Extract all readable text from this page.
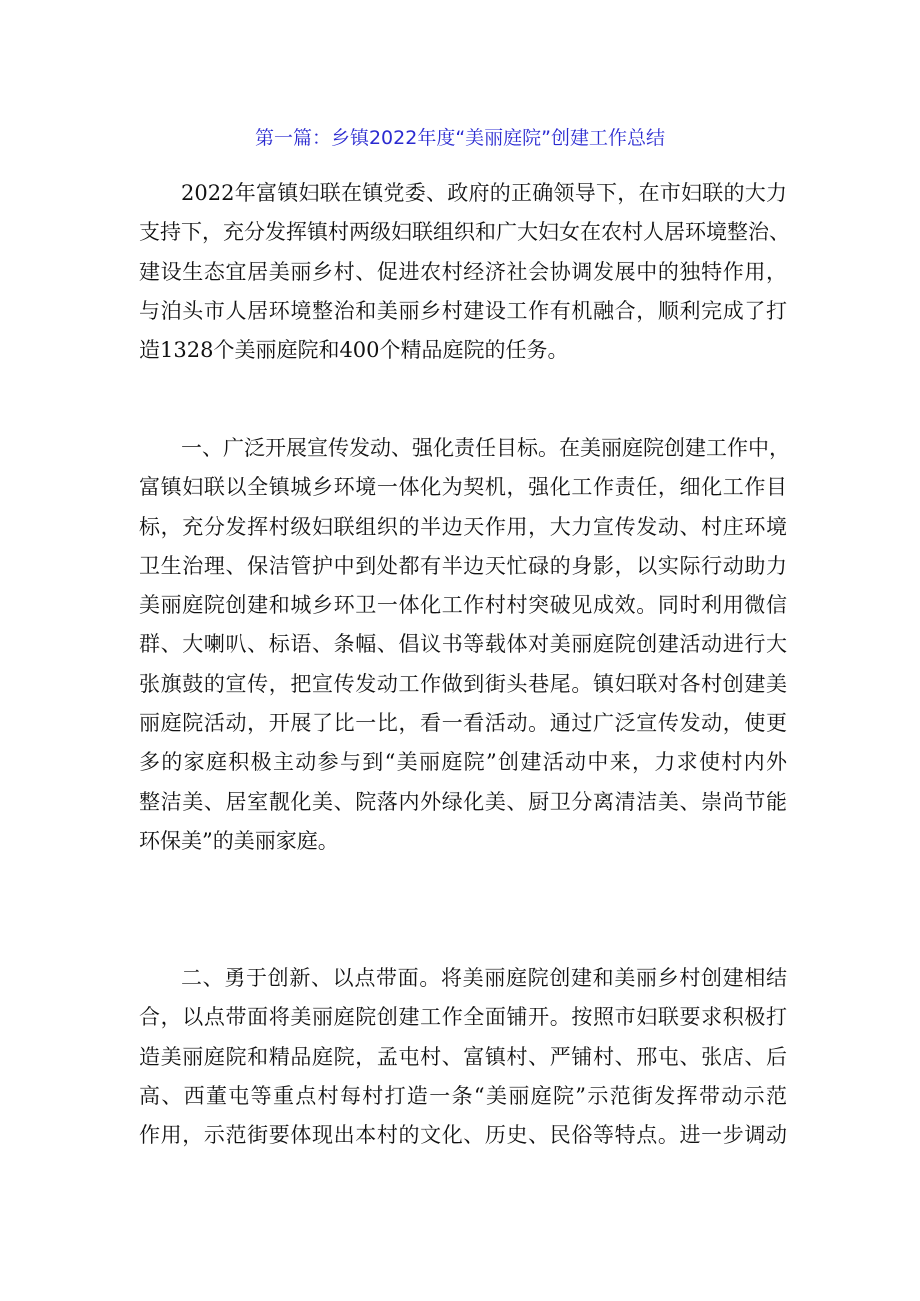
第一篇：乡镇2022年度“美丽庭院”创建工作总结
2022年富镇妇联在镇党委、政府的正确领导下，在市妇联的大力
支持下，充分发挥镇村两级妇联组织和广大妇女在农村人居环境整治、
建设生态宜居美丽乡村、促进农村经济社会协调发展中的独特作用，
与泊头市人居环境整治和美丽乡村建设工作有机融合，顺利完成了打
造1328个美丽庭院和400个精品庭院的任务。
一、广泛开展宣传发动、强化责任目标。在美丽庭院创建工作中，
富镇妇联以全镇城乡环境一体化为契机，强化工作责任，细化工作目
标，充分发挥村级妇联组织的半边天作用，大力宣传发动、村庄环境
卫生治理、保洁管护中到处都有半边天忙碌的身影，以实际行动助力
美丽庭院创建和城乡环卫一体化工作村村突破见成效。同时利用微信
群、大喇叭、标语、条幅、倡议书等载体对美丽庭院创建活动进行大
张旗鼓的宣传，把宣传发动工作做到街头巷尾。镇妇联对各村创建美
丽庭院活动，开展了比一比，看一看活动。通过广泛宣传发动，使更
多的家庭积极主动参与到“美丽庭院”创建活动中来，力求使村内外
整洁美、居室靓化美、院落内外绿化美、厨卫分离清洁美、崇尚节能
环保美”的美丽家庭。
二、勇于创新、以点带面。将美丽庭院创建和美丽乡村创建相结
合，以点带面将美丽庭院创建工作全面铺开。按照市妇联要求积极打
造美丽庭院和精品庭院，孟屯村、富镇村、严铺村、邢屯、张店、后
高、西董屯等重点村每村打造一条“美丽庭院”示范街发挥带动示范
作用，示范街要体现出本村的文化、历史、民俗等特点。进一步调动
